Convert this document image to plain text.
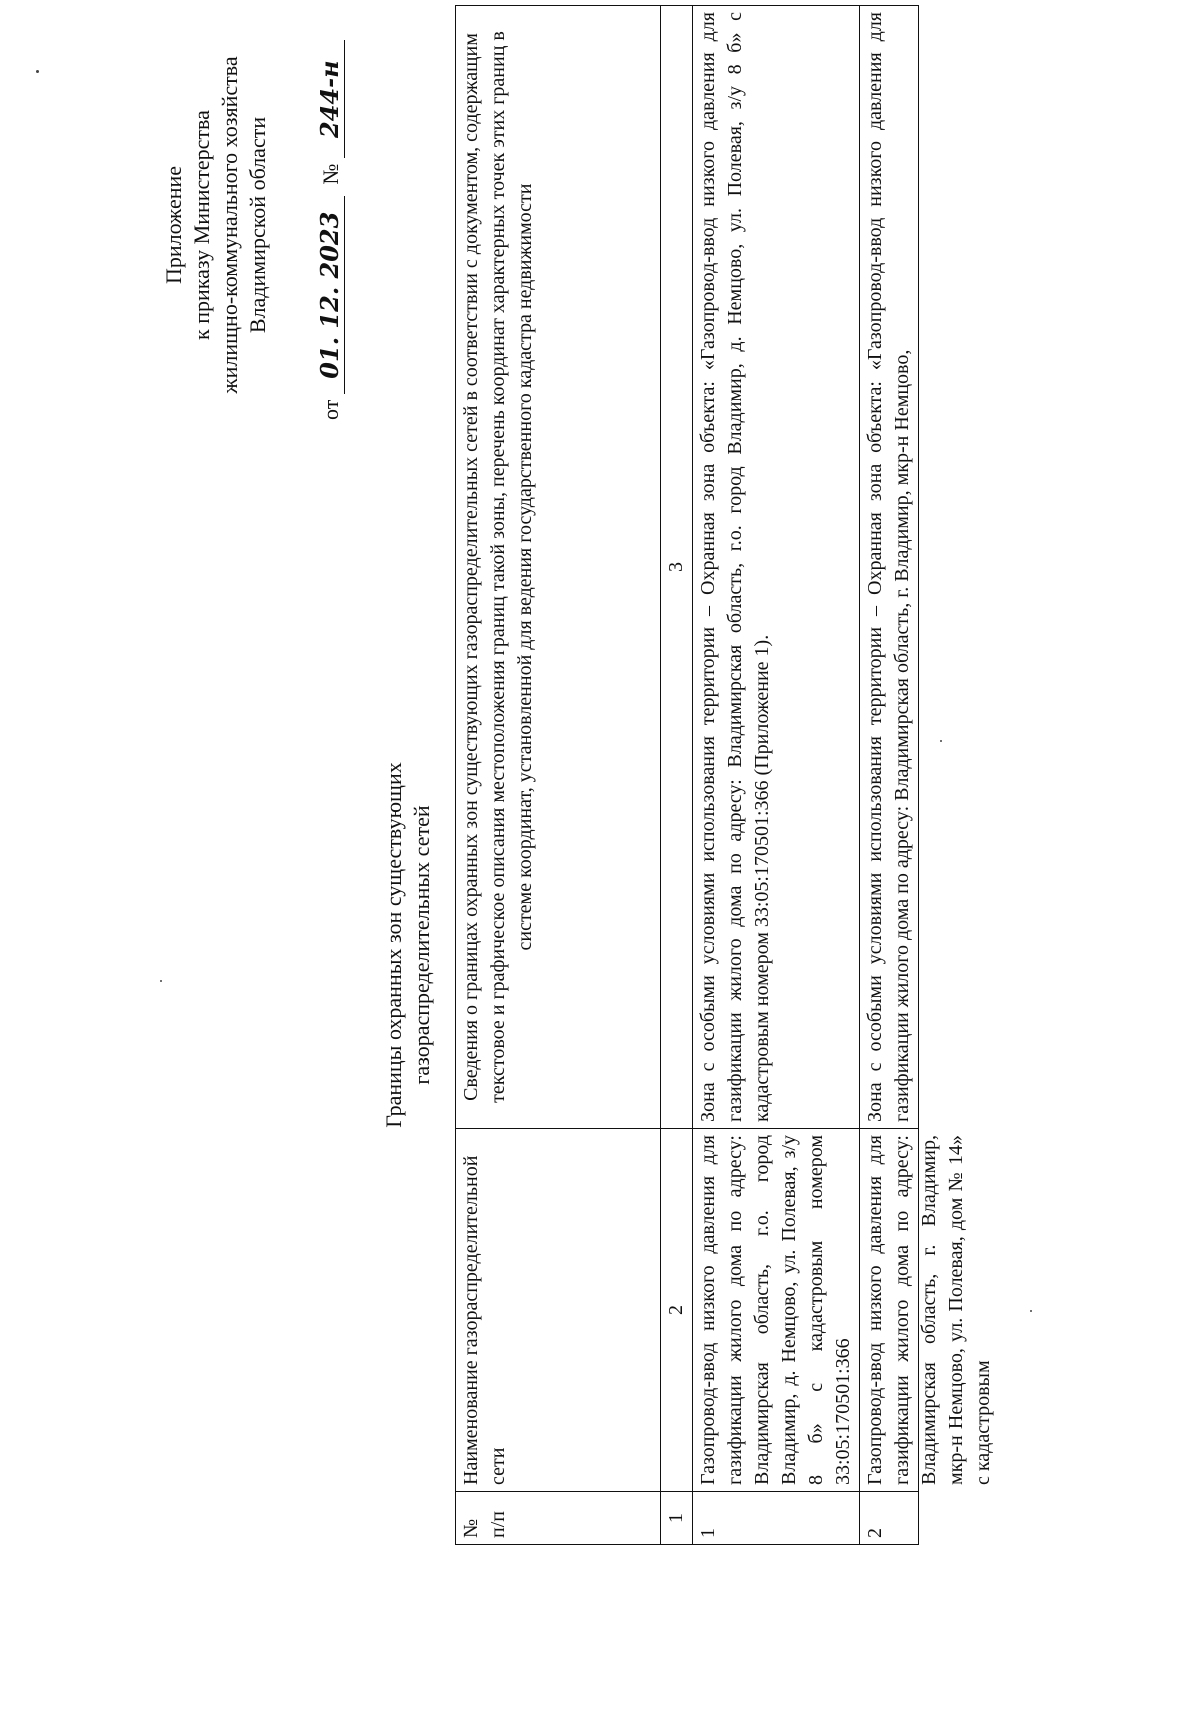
Приложение к приказу Министерства жилищно-коммунального хозяйства Владимирской области
от 01. 12. 2023 № 244-н
Границы охранных зон существующих газораспределительных сетей
№ п/п	Наименование газораспределительной сети	Сведения о границах охранных зон существующих газораспределительных сетей в соответствии с документом, содержащим текстовое и графическое описания местоположения границ такой зоны, перечень координат характерных точек этих границ в системе координат, установленной для ведения государственного кадастра недвижимости
1	2	3
1	Газопровод-ввод низкого давления для газификации жилого дома по адресу: Владимирская область, г.о. город Владимир, д. Немцово, ул. Полевая, з/у 8 б» с кадастровым номером 33:05:170501:366	Зона с особыми условиями использования территории – Охранная зона объекта: «Газопровод-ввод низкого давления для газификации жилого дома по адресу: Владимирская область, г.о. город Владимир, д. Немцово, ул. Полевая, з/у 8 б» с кадастровым номером 33:05:170501:366 (Приложение 1).
2	Газопровод-ввод низкого давления для газификации жилого дома по адресу: Владимирская область, г. Владимир, мкр-н Немцово, ул. Полевая, дом № 14» с кадастровым	Зона с особыми условиями использования территории – Охранная зона объекта: «Газопровод-ввод низкого давления для газификации жилого дома по адресу: Владимирская область, г. Владимир, мкр-н Немцово,
